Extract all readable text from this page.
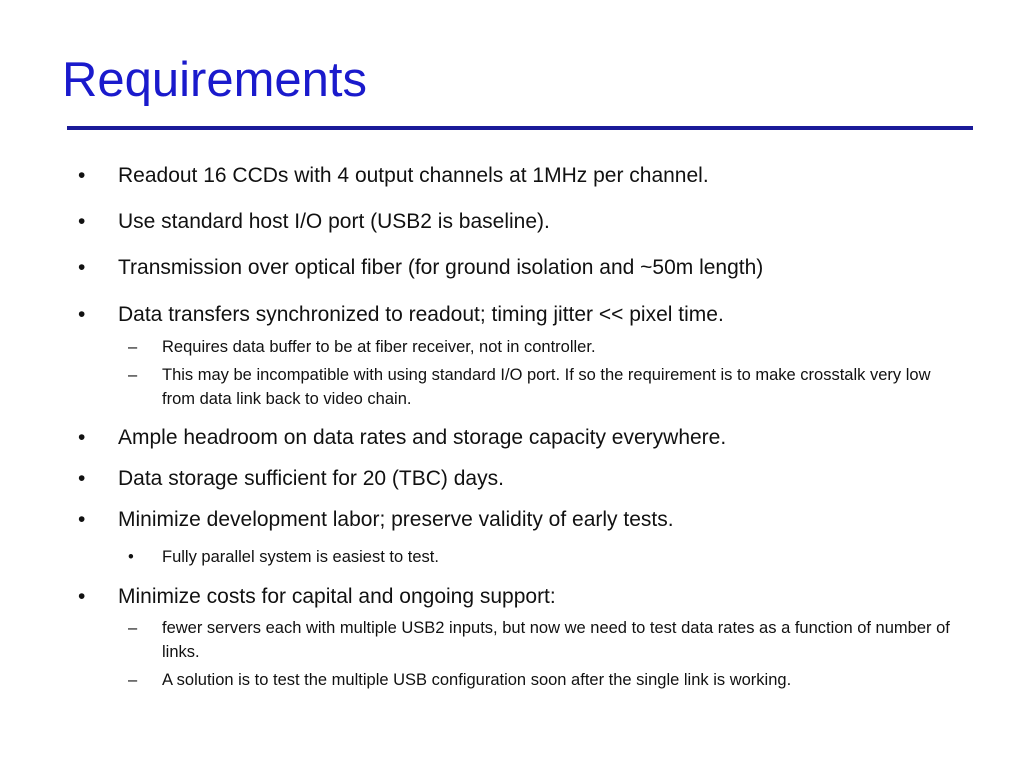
Requirements

• Readout 16 CCDs with 4 output channels at 1MHz per channel.

• Use standard host I/O port (USB2 is baseline).

• Transmission over optical fiber (for ground isolation and ~50m length)

• Data transfers synchronized to readout; timing jitter << pixel time.

– Requires data buffer to be at fiber receiver, not in controller.

– This may be incompatible with using standard I/O port. If so the requirement is to make crosstalk very low from data link back to video chain.

• Ample headroom on data rates and storage capacity everywhere.

• Data storage sufficient for 20 (TBC) days.

• Minimize development labor; preserve validity of early tests.

• Fully parallel system is easiest to test.

• Minimize costs for capital and ongoing support:

– fewer servers each with multiple USB2 inputs, but now we need to test data rates as a function of number of links.

– A solution is to test the multiple USB configuration soon after the single link is working.
